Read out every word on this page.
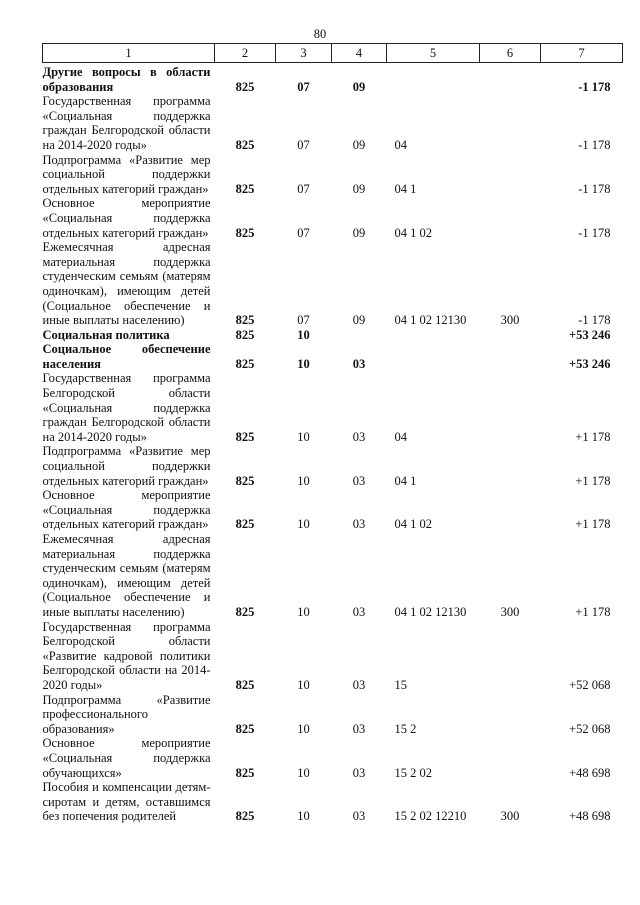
80
1	2	3	4	5	6	7
Другие вопросы в области образования	825	07	09			-1 178
Государственная программа «Социальная поддержка граждан Белгородской области на 2014-2020 годы»	825	07	09	04		-1 178
Подпрограмма «Развитие мер социальной поддержки отдельных категорий граждан»	825	07	09	04 1		-1 178
Основное мероприятие «Социальная поддержка отдельных категорий граждан»	825	07	09	04 1 02		-1 178
Ежемесячная адресная материальная поддержка студенческим семьям (матерям одиночкам), имеющим детей (Социальное обеспечение и иные выплаты населению)	825	07	09	04 1 02 12130	300	-1 178
Социальная политика	825	10				+53 246
Социальное обеспечение населения	825	10	03			+53 246
Государственная программа Белгородской области «Социальная поддержка граждан Белгородской области на 2014-2020 годы»	825	10	03	04		+1 178
Подпрограмма «Развитие мер социальной поддержки отдельных категорий граждан»	825	10	03	04 1		+1 178
Основное мероприятие «Социальная поддержка отдельных категорий граждан»	825	10	03	04 1 02		+1 178
Ежемесячная адресная материальная поддержка студенческим семьям (матерям одиночкам), имеющим детей (Социальное обеспечение и иные выплаты населению)	825	10	03	04 1 02 12130	300	+1 178
Государственная программа Белгородской области «Развитие кадровой политики Белгородской области на 2014-2020 годы»	825	10	03	15		+52 068
Подпрограмма «Развитие профессионального образования»	825	10	03	15 2		+52 068
Основное мероприятие «Социальная поддержка обучающихся»	825	10	03	15 2 02		+48 698
Пособия и компенсации детям-сиротам и детям, оставшимся без попечения родителей	825	10	03	15 2 02 12210	300	+48 698
